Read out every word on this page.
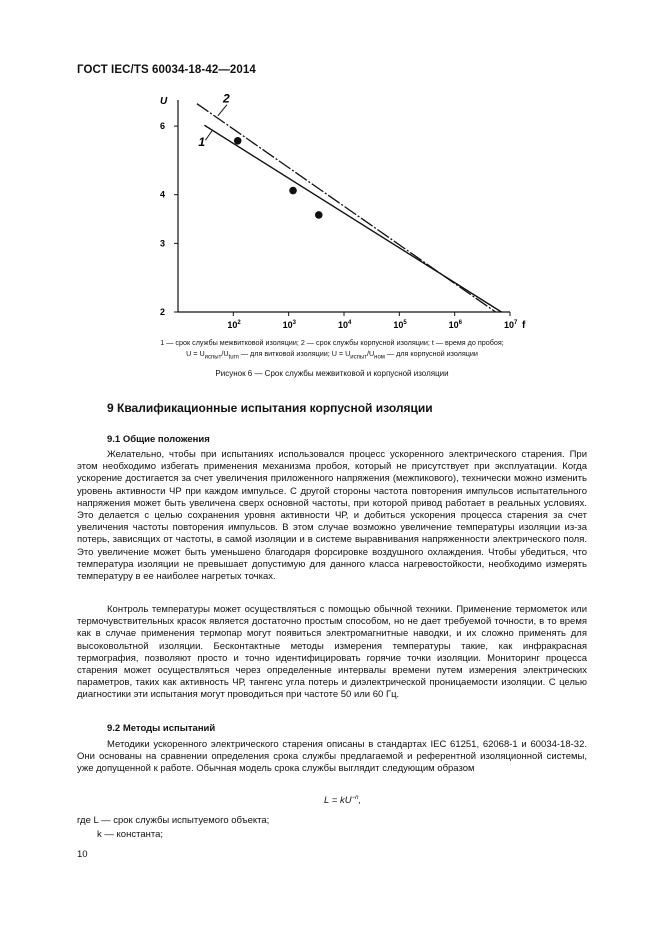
ГОСТ IEC/TS 60034-18-42—2014
$10^2$	$10^3$	$10^4$	$10^5$	$10^6$	$10^7$
6
4
3
2
U
f
1
2
1 — срок службы межвитковой изоляции; 2 — срок службы корпусной изоляции; t — время до пробоя;
$U = U_{испыт}/U_{turn}$ — для витковой изоляции; $U = U_{испыт}/U_{ном}$ — для корпусной изоляции
Рисунок 6 — Срок службы межвитковой и корпусной изоляции
9 Квалификационные испытания корпусной изоляции
9.1 Общие положения

Желательно, чтобы при испытаниях использовался процесс ускоренного электрического старения. При этом необходимо избегать применения механизма пробоя, который не присутствует при эксплуатации. Когда ускорение достигается за счет увеличения приложенного напряжения (межпикового), технически можно изменить уровень активности ЧР при каждом импульсе. С другой стороны частота повторения импульсов испытательного напряжения может быть увеличена сверх основной частоты, при которой привод работает в реальных условиях. Это делается с целью сохранения уровня активности ЧР, и добиться ускорения процесса старения за счет увеличения частоты повторения импульсов. В этом случае возможно увеличение температуры изоляции из-за потерь, зависящих от частоты, в самой изоляции и в системе выравнивания напряженности электрического поля. Это увеличение может быть уменьшено благодаря форсировке воздушного охлаждения. Чтобы убедиться, что температура изоляции не превышает допустимую для данного класса нагревостойкости, необходимо измерять температуру в ее наиболее нагретых точках.

Контроль температуры может осуществляться с помощью обычной техники. Применение термометок или термочувствительных красок является достаточно простым способом, но не дает требуемой точности, в то время как в случае применения термопар могут появиться электромагнитные наводки, и их сложно применять для высоковольтной изоляции. Бесконтактные методы измерения температуры такие, как инфракрасная термография, позволяют просто и точно идентифицировать горячие точки изоляции. Мониторинг процесса старения может осуществляться через определенные интервалы времени путем измерения электрических параметров, таких как активность ЧР, тангенс угла потерь и диэлектрической проницаемости изоляции. С целью диагностики эти испытания могут проводиться при частоте 50 или 60 Гц.

9.2 Методы испытаний

Методики ускоренного электрического старения описаны в стандартах IEC 61251, 62068-1 и 60034-18-32. Они основаны на сравнении определения срока службы предлагаемой и референтной изоляционной системы, уже допущенной к работе. Обычная модель срока службы выглядит следующим образом

$L = kU^{-n}$,
где L — срок службы испытуемого объекта;
k — константа;
10
